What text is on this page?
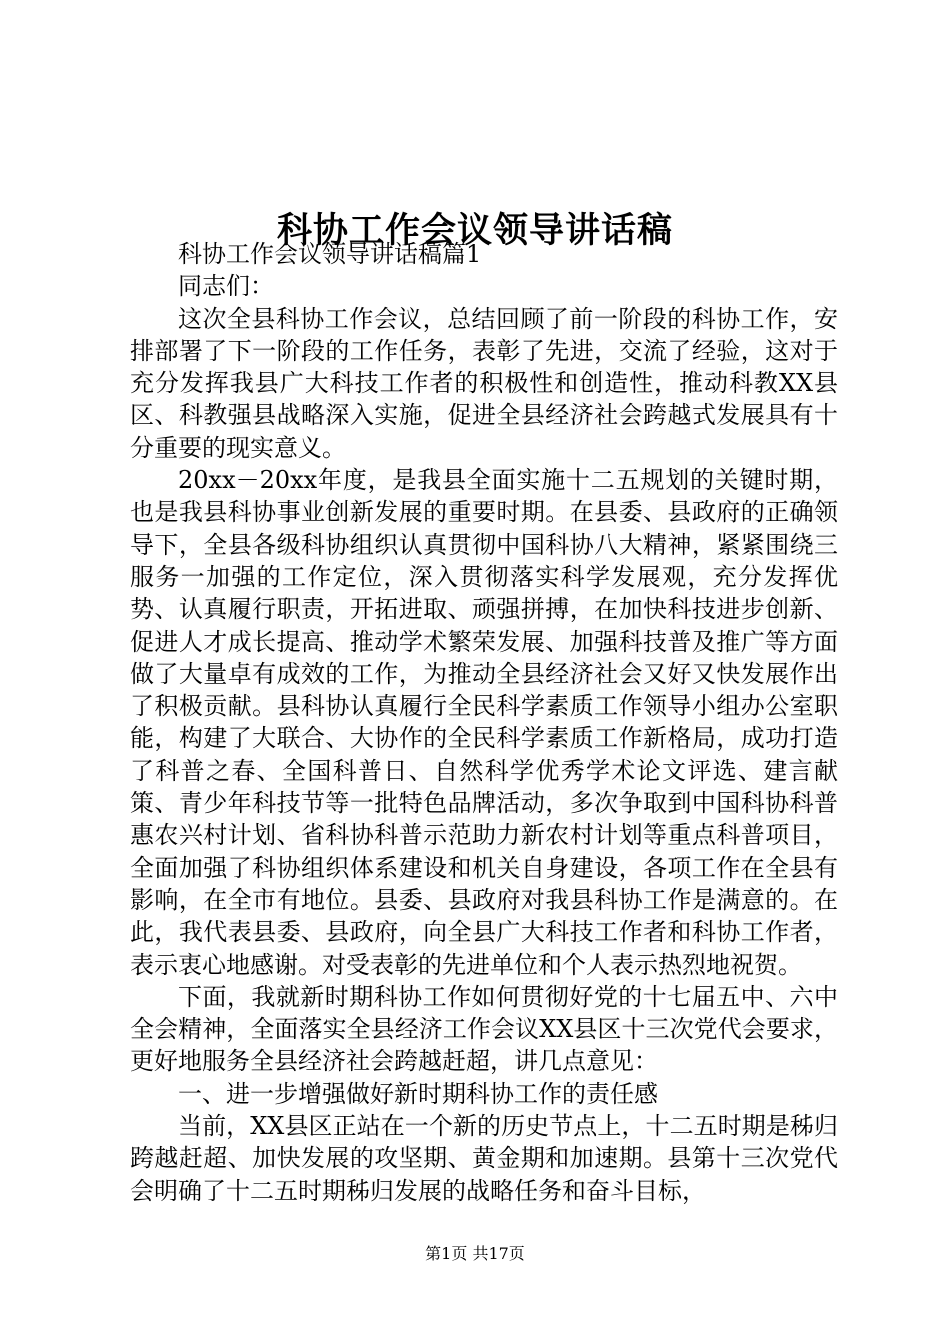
科协工作会议领导讲话稿

科协工作会议领导讲话稿篇1

同志们：

这次全县科协工作会议，总结回顾了前一阶段的科协工作，安排部署了下一阶段的工作任务，表彰了先进，交流了经验，这对于充分发挥我县广大科技工作者的积极性和创造性，推动科教XX县区、科教强县战略深入实施，促进全县经济社会跨越式发展具有十分重要的现实意义。

20xx－20xx年度，是我县全面实施十二五规划的关键时期，也是我县科协事业创新发展的重要时期。在县委、县政府的正确领导下，全县各级科协组织认真贯彻中国科协八大精神，紧紧围绕三服务一加强的工作定位，深入贯彻落实科学发展观，充分发挥优势、认真履行职责，开拓进取、顽强拼搏，在加快科技进步创新、促进人才成长提高、推动学术繁荣发展、加强科技普及推广等方面做了大量卓有成效的工作，为推动全县经济社会又好又快发展作出了积极贡献。县科协认真履行全民科学素质工作领导小组办公室职能，构建了大联合、大协作的全民科学素质工作新格局，成功打造了科普之春、全国科普日、自然科学优秀学术论文评选、建言献策、青少年科技节等一批特色品牌活动，多次争取到中国科协科普惠农兴村计划、省科协科普示范助力新农村计划等重点科普项目，全面加强了科协组织体系建设和机关自身建设，各项工作在全县有影响，在全市有地位。县委、县政府对我县科协工作是满意的。在此，我代表县委、县政府，向全县广大科技工作者和科协工作者，表示衷心地感谢。对受表彰的先进单位和个人表示热烈地祝贺。

下面，我就新时期科协工作如何贯彻好党的十七届五中、六中全会精神，全面落实全县经济工作会议XX县区十三次党代会要求，更好地服务全县经济社会跨越赶超，讲几点意见：

一、进一步增强做好新时期科协工作的责任感

当前，XX县区正站在一个新的历史节点上，十二五时期是秭归跨越赶超、加快发展的攻坚期、黄金期和加速期。县第十三次党代会明确了十二五时期秭归发展的战略任务和奋斗目标，

第1页 共17页
